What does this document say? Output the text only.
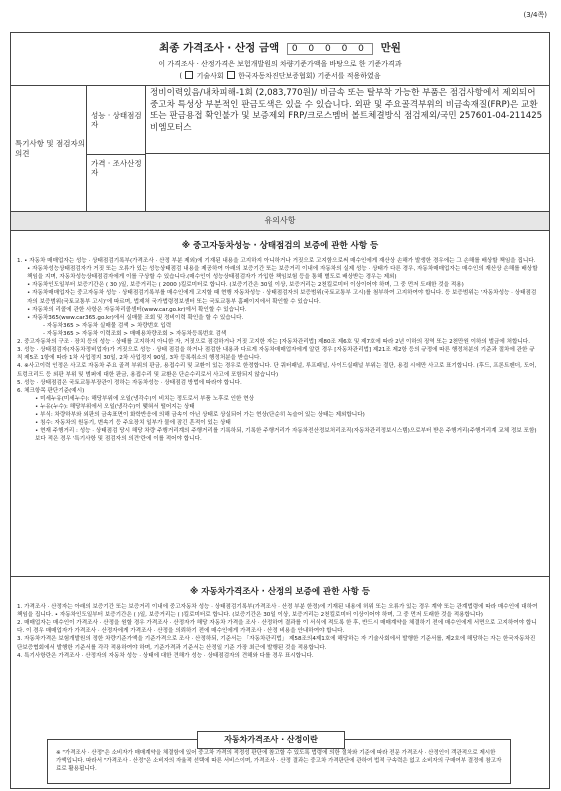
(3/4쪽)
최종 가격조사 · 산정 금액 0 0 0 0 0 만원
이 가격조사 · 산정가격은 보험개발원의 차량기준가액을 바탕으로 한 기준가격과
( 기술사회 한국자동차진단보증협회) 기준서를 적용하였음
특기사항 및 점검자의 의견
성능 · 상태점검자
가격 · 조사산정자
정비이력있음/내차피해-1회 (2,083,770원)/ 비금속 또는 탈부착 가능한 부품은 점검사항에서 제외되어 중고차 특성상 부분적인 판금도색은 있을 수 있습니다. 외판 및 주요골격부위의 비금속재질(FRP)은 교환또는 판금용접 확인불가 및 보증제외 FRP/크로스멤버 볼트체결방식 점검제외/국민 257601-04-211425 비엠모터스
유의사항
※ 중고자동차성능 · 상태점검의 보증에 관한 사항 등

1. • 자동차 매매업자는 성능 · 상태점검기록부(가격조사 · 산정 부분 제외)에 기재된 내용을 고지하지 아니하거나 거짓으로 고지함으로써 매수인에게 재산상 손해가 발생한 경우에는 그 손해를 배상할 책임을 집니다.

• 자동차성능상태점검자가 거짓 또는 오류가 있는 성능상태점검 내용을 제공하여 아래의 보증기간 또는 보증거리 이내에 자동차의 실제 성능 · 상태가 다른 경우, 자동차매매업자는 매수인의 재산상 손해를 배상할 책임을 지며, 자동차성능상태점검자에게 이를 구상할 수 있습니다.(매수인이 성능상태점검자가 가입한 책임보험 등을 통해 별도로 배상받는 경우는 제외)

• 자동차인도일부터 보증기간은 ( 30 )일, 보증거리는 ( 2000 )킬로미터로 합니다. (보증기간은 30일 이상, 보증거리는 2천킬로미터 이상이어야 하며, 그 중 먼저 도래한 것을 적용)

• 자동차매매업자는 중고자동차 성능 · 상태점검기록부를 매수인에게 고지할 때 현행 자동차성능 · 상태점검자의 보증범위(국토교통부 고시)를 첨부하여 고지하여야 합니다. 등 보증범위는 '자동차성능 · 상태점검자의 보증범위(국토교통부 고시)'에 따르며, 법제처 국가법령정보센터 또는 국토교통부 홈페이지에서 확인할 수 있습니다.

• 자동차의 리콜에 관한 사항은 자동차리콜센터(www.car.go.kr)에서 확인할 수 있습니다.

• 자동차365(www.car365.go.kr)에서 실매물 조회 및 정비이력 확인을 할 수 있습니다.

- 자동차365 > 자동차 실매물 검색 > 차량번호 입력

- 자동차365 > 자동차 이력조회 > 매매용차량조회 > 자동차등록번호 검색

2. 중고자동차의 구조 · 장치 등의 성능 · 상태를 고지하지 아니한 자, 거짓으로 점검하거나 거짓 고지한 자는 [자동차관리법] 제80조 제6호 및 제7호에 따라 2년 이하의 징역 또는 2천만원 이하의 벌금에 처합니다.

3. 성능 · 상태점검자(자동차정비업자)가 거짓으로 성능 · 상태 점검을 하거나 점검한 내용과 다르게 자동차매매업자에게 알린 경우 [자동차관리법] 제21조 제2항 등의 규정에 따른 행정처분의 기준과 절차에 관한 규칙 제5조 1항에 따라 1차 사업정지 30일, 2차 사업정지 90일, 3차 등록취소의 행정처분을 받습니다.

4. ※사고이력 인정은 사고로 자동차 주요 골격 부위의 판금, 용접수리 및 교환이 있는 경우로 한정합니다. 단 쿼터패널, 루프패널, 사이드실패널 부위는 절단, 용접 시에만 사고로 표기합니다. (후드, 프론트펜더, 도어, 트렁크리드 등 외판 부위 및 범퍼에 대한 판금, 용접수리 및 교환은 단순수리로서 사고에 포함되지 않습니다)

5. 성능 · 상태점검은 국토교통부장관이 정하는 자동차성능 · 상태점검 방법에 따라야 합니다.

6. 체크항목 판단기준(예시)

• 미세누유(미세누수): 해당부위에 오일(냉각수)이 비치는 정도로서 부품 노후로 인한 현상

• 누유(누수): 해당부위에서 오일(냉각수)이 맺혀서 떨어지는 상태

• 부식: 차량하부와 외판의 금속표면이 화학반응에 의해 금속이 아닌 상태로 상실되어 가는 현상(단순히 녹슬어 있는 상태는 제외합니다)

• 침수: 자동차의 원동기, 변속기 등 주요장치 일부가 물에 잠긴 흔적이 있는 상태

• 현재 주행거리 : 성능 · 상태점검 당시 해당 차량 주행거리계의 주행거리를 기록하되, 기록한 주행거리가 자동차전산정보처리조직(자동차관리정보시스템)으로부터 받은 주행거리(주행거리계 교체 정보 포함)보다 적은 경우 '특기사항 및 점검자의 의견'란에 이를 적어야 합니다.

※ 자동차가격조사 · 산정의 보증에 관한 사항 등

1. 가격조사 · 산정자는 아래의 보증기간 또는 보증거리 이내에 중고자동차 성능 · 상태점검기록부(가격조사 · 산정 부분 한정)에 기재된 내용에 허위 또는 오류가 있는 경우 계약 또는 관계법령에 따라 매수인에 대하여 책임을 집니다. • 자동차인도일부터 보증기간은 ( )일, 보증거리는 ( )킬로미터로 합니다. (보증기간은 30일 이상, 보증거리는 2천킬로미터 이상이어야 하며, 그 중 먼저 도래한 것을 적용합니다)

2. 매매업자는 매수인이 가격조사 · 산정을 원할 경우 가격조사 · 산정자가 해당 자동차 가격을 조사 · 산정하여 결과를 이 서식에 적도록 한 후, 반드시 매매계약을 체결하기 전에 매수인에게 서면으로 고지하여야 합니다. 이 경우 매매업자가 가격조사 · 산정자에게 가격조사 · 산정을 의뢰하기 전에 매수인에게 가격조사 · 산정 비용을 안내하여야 합니다.

3. 자동차가격은 보험개발원의 정한 차량기준가액을 기준가격으로 조사 · 산정하되, 기준서는 「자동차관리법」 제58조의4제1호에 해당하는 자 기술사회에서 발행한 기준서를, 제2호에 해당하는 자는 한국자동차진단보증협회에서 발행한 기준서를 각각 적용하여야 하며, 기준가격과 기준서는 산정일 기준 가장 최근에 발행된 것을 적용합니다.

4. 특기사항란은 가격조사 · 산정자의 자동차 성능 · 상태에 대한 견해가 성능 · 상태점검자의 견해와 다를 경우 표시합니다.

※ "가격조사 · 산정"은 소비자가 매매계약을 체결함에 있어 중고차 가격의 적정성 판단에 참고할 수 있도록 법령에 의한 절차와 기준에 따라 전문 가격조사 · 산정인이 객관적으로 제시한 가액입니다. 따라서 "가격조사 · 산정"은 소비자의 자율적 선택에 따른 서비스이며, 가격조사 · 산정 결과는 중고차 가격판단에 관하여 법적 구속력은 없고 소비자의 구매여부 결정에 참고자료로 활용됩니다.
자동차가격조사 · 산정이란
